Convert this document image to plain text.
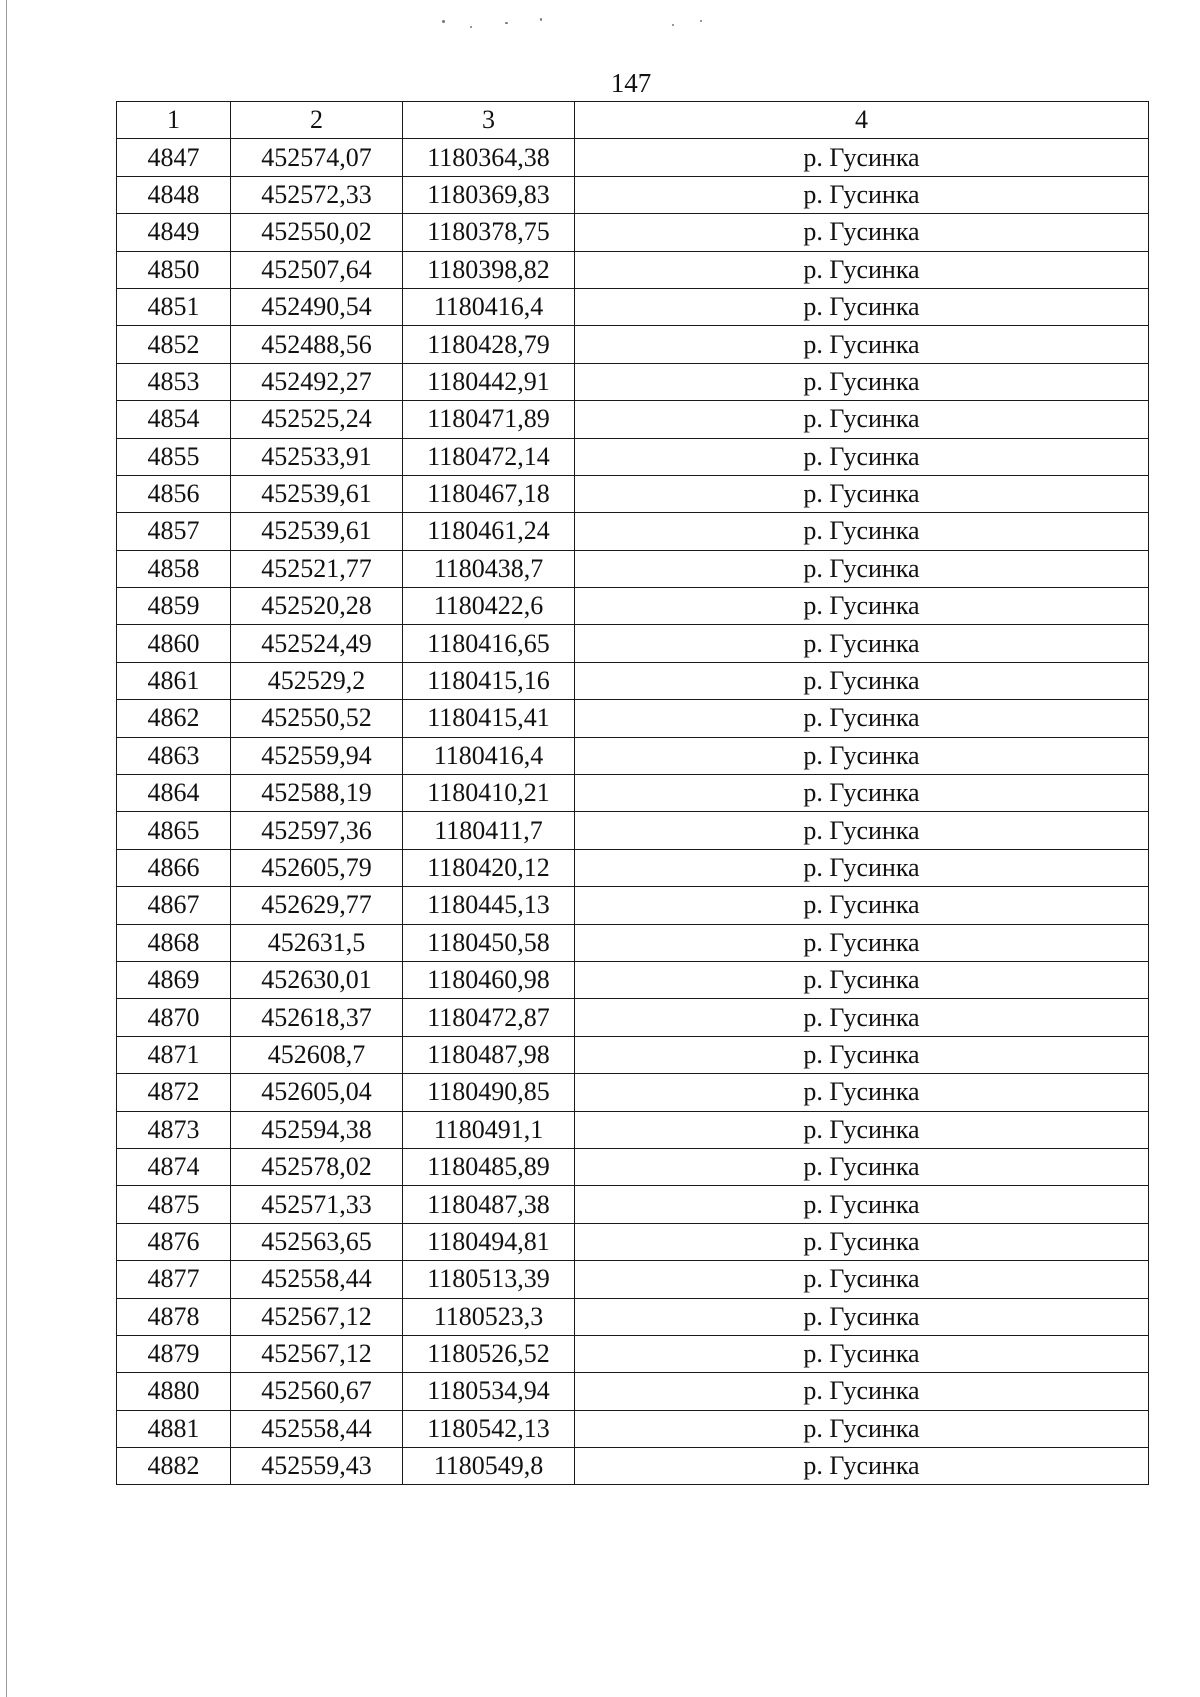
147
1	2	3	4
4847	452574,07	1180364,38	р. Гусинка
4848	452572,33	1180369,83	р. Гусинка
4849	452550,02	1180378,75	р. Гусинка
4850	452507,64	1180398,82	р. Гусинка
4851	452490,54	1180416,4	р. Гусинка
4852	452488,56	1180428,79	р. Гусинка
4853	452492,27	1180442,91	р. Гусинка
4854	452525,24	1180471,89	р. Гусинка
4855	452533,91	1180472,14	р. Гусинка
4856	452539,61	1180467,18	р. Гусинка
4857	452539,61	1180461,24	р. Гусинка
4858	452521,77	1180438,7	р. Гусинка
4859	452520,28	1180422,6	р. Гусинка
4860	452524,49	1180416,65	р. Гусинка
4861	452529,2	1180415,16	р. Гусинка
4862	452550,52	1180415,41	р. Гусинка
4863	452559,94	1180416,4	р. Гусинка
4864	452588,19	1180410,21	р. Гусинка
4865	452597,36	1180411,7	р. Гусинка
4866	452605,79	1180420,12	р. Гусинка
4867	452629,77	1180445,13	р. Гусинка
4868	452631,5	1180450,58	р. Гусинка
4869	452630,01	1180460,98	р. Гусинка
4870	452618,37	1180472,87	р. Гусинка
4871	452608,7	1180487,98	р. Гусинка
4872	452605,04	1180490,85	р. Гусинка
4873	452594,38	1180491,1	р. Гусинка
4874	452578,02	1180485,89	р. Гусинка
4875	452571,33	1180487,38	р. Гусинка
4876	452563,65	1180494,81	р. Гусинка
4877	452558,44	1180513,39	р. Гусинка
4878	452567,12	1180523,3	р. Гусинка
4879	452567,12	1180526,52	р. Гусинка
4880	452560,67	1180534,94	р. Гусинка
4881	452558,44	1180542,13	р. Гусинка
4882	452559,43	1180549,8	р. Гусинка
